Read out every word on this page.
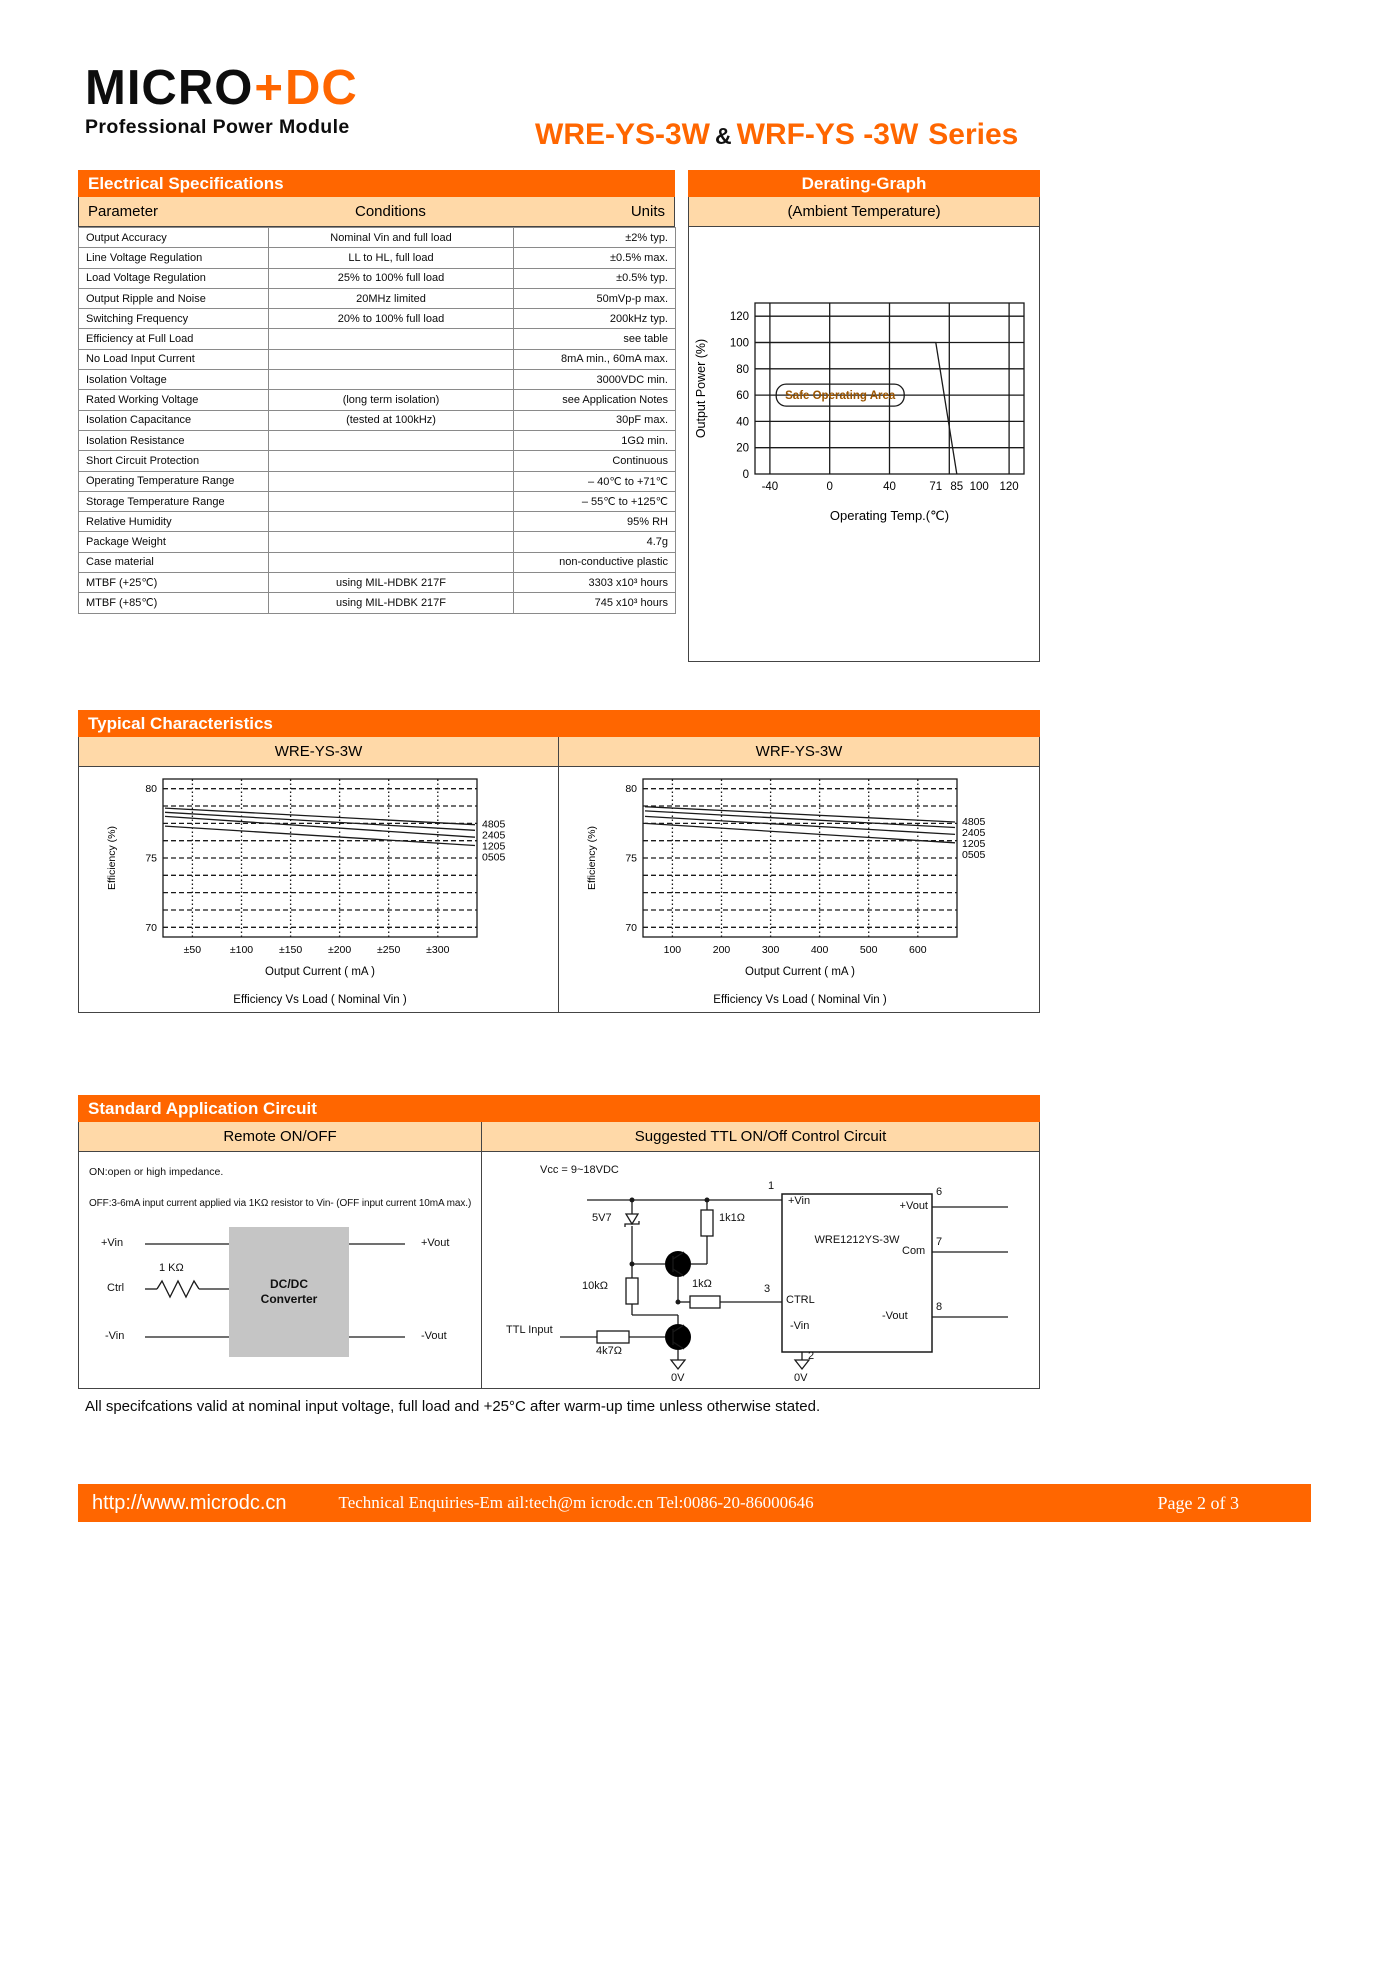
MICRO+DC
Professional Power Module	WRE-YS-3W & WRF-YS -3W Series
Electrical Specifications
Parameter	Conditions	Units
Output Accuracy	Nominal Vin and full load	±2% typ.
Line Voltage Regulation	LL to HL, full load	±0.5% max.
Load Voltage Regulation	25% to 100% full load	±0.5% typ.
Output Ripple and Noise	20MHz limited	50mVp-p max.
Switching Frequency	20% to 100% full load	200kHz typ.
Efficiency at Full Load		see table
No Load Input Current		8mA min., 60mA max.
Isolation Voltage		3000VDC min.
Rated Working Voltage	(long term isolation)	see Application Notes
Isolation Capacitance	(tested at 100kHz)	30pF max.
Isolation Resistance		1GΩ min.
Short Circuit Protection		Continuous
Operating Temperature Range		– 40℃ to +71℃
Storage Temperature Range		– 55℃ to +125℃
Relative Humidity		95% RH
Package Weight		4.7g
Case material		non-conductive plastic
MTBF (+25℃)	using MIL-HDBK 217F	3303 x10³ hours
MTBF (+85℃)	using MIL-HDBK 217F	745 x10³ hours
Derating-Graph
(Ambient Temperature)
Safe Operating Area
0
20
40
60
80
100
120
-40	0	40	71 85 100 120
Operating Temp.(℃)
Output Power (%)
Typical Characteristics
WRE-YS-3W	WRF-YS-3W
4805
2405
1205
0505
70
75
80
±50	±100 ±150 ±200 ±250 ±300
Output Current ( mA )
Efficiency Vs Load ( Nominal Vin )
Efficiency (%)
4805
2405
1205
0505
70
75
80
100	200	300	400	500	600
Output Current ( mA )
Efficiency Vs Load ( Nominal Vin )
Efficiency (%)
Standard Application Circuit
Remote ON/OFF	Suggested TTL ON/Off Control Circuit
ON:open or high impedance.
OFF:3-6mA input current applied via 1KΩ resistor to Vin- (OFF input current 10mA max.)
DC/DC
Converter
+Vin
Ctrl
-Vin
1 KΩ
+Vout
-Vout
Vcc = 9~18VDC
1
5V7	1k1Ω
10kΩ	1kΩ	3
TTL Input
4k7Ω
0V
WRE1212YS-3W
+Vin	+Vout
Com
CTRL
-Vin
-Vout
6
7
8
2
0V
All specifcations valid at nominal input voltage, full load and +25°C after warm-up time unless otherwise stated.
http://www.microdc.cn	Technical Enquiries-Em ail:tech@m icrodc.cn Tel:0086-20-86000646	Page 2 of 3
